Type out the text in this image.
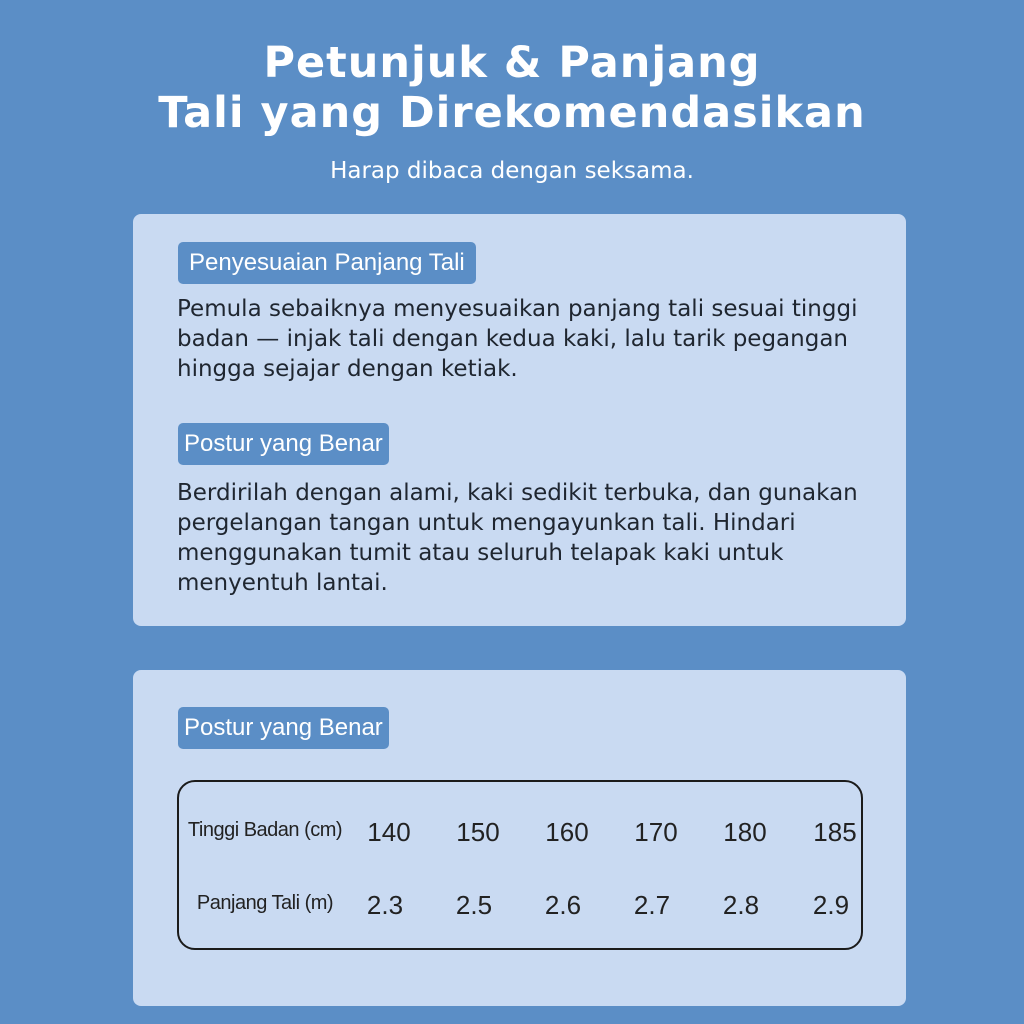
Petunjuk & Panjang
Tali yang Direkomendasikan
Harap dibaca dengan seksama.
Penyesuaian Panjang Tali

Pemula sebaiknya menyesuaikan panjang tali sesuai tinggi badan — injak tali dengan kedua kaki, lalu tarik pegangan hingga sejajar dengan ketiak.

Postur yang Benar

Berdirilah dengan alami, kaki sedikit terbuka, dan gunakan pergelangan tangan untuk mengayunkan tali. Hindari menggunakan tumit atau seluruh telapak kaki untuk menyentuh lantai.

Postur yang Benar
Tinggi Badan (cm) 140 150 160 170 180 185
Panjang Tali (m) 2.3 2.5 2.6 2.7 2.8 2.9
